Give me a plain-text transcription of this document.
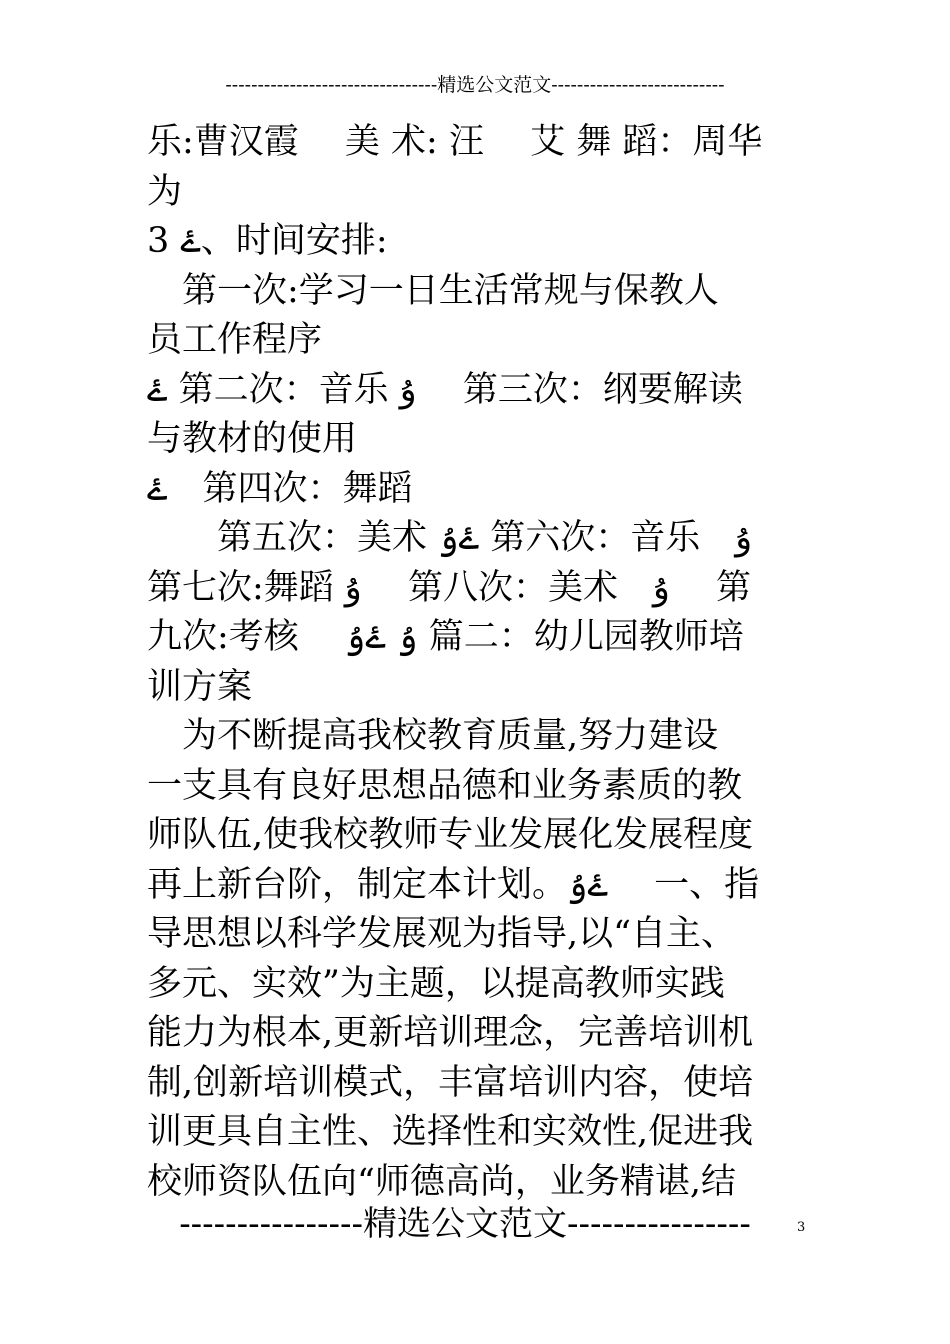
---------------------------------精选公文范文---------------------------
乐:曹汉霞　 美 术: 汪　 艾 舞 蹈：周华
为
3 ۓ、时间安排:
　第一次:学习一日生活常规与保教人
员工作程序
ۓ 第二次：音乐 ۇ　 第三次：纲要解读
与教材的使用
ۓ　第四次：舞蹈
　　第五次：美术 ۓۇ 第六次：音乐　ۇ
第七次:舞蹈 ۇ　 第八次：美术　ۇ　 第
九次:考核　 ۇ ۓۇ 篇二：幼儿园教师培
训方案
　为不断提高我校教育质量,努力建设
一支具有良好思想品德和业务素质的教
师队伍,使我校教师专业发展化发展程度
再上新台阶，制定本计划。ۓۇ　 一、指
导思想以科学发展观为指导,以“自主、
多元、实效”为主题，以提高教师实践
能力为根本,更新培训理念，完善培训机
制,创新培训模式，丰富培训内容，使培
训更具自主性、选择性和实效性,促进我
校师资队伍向“师德高尚，业务精谌,结
----------------精选公文范文----------------	3
